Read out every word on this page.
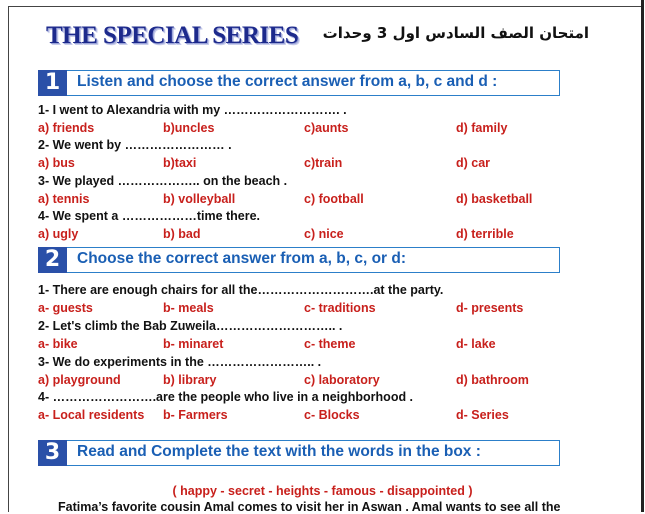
THE SPECIAL SERIES امتحان الصف السادس اول 3 وحدات
1	Listen and choose the correct answer from a, b, c and d :
1- I went to Alexandria with my ………………………. .
a) friends	b)uncles	c)aunts	d) family
2- We went by …………………… .
a) bus	b)taxi	c)train	d) car
3- We played ……………….. on the beach .
a) tennis	b) volleyball	c) football	d) basketball
4- We spent a ………………time there.
a) ugly	b) bad	c) nice	d) terrible
2	Choose the correct answer from a, b, c, or d:
1- There are enough chairs for all the……………………….at the party.
a- guests	b- meals	c- traditions	d- presents
2- Let's climb the Bab Zuweila……………………….. .
a- bike	b- minaret	c- theme	d- lake
3- We do experiments in the …………………….. .
a) playground	b) library	c) laboratory	d) bathroom
4- …………………….are the people who live in a neighborhood .
a- Local residents b- Farmers	c- Blocks	d- Series
3	Read and Complete the text with the words in the box :
( happy - secret - heights - famous - disappointed )
Fatima’s favorite cousin Amal comes to visit her in Aswan . Amal wants to see all the
